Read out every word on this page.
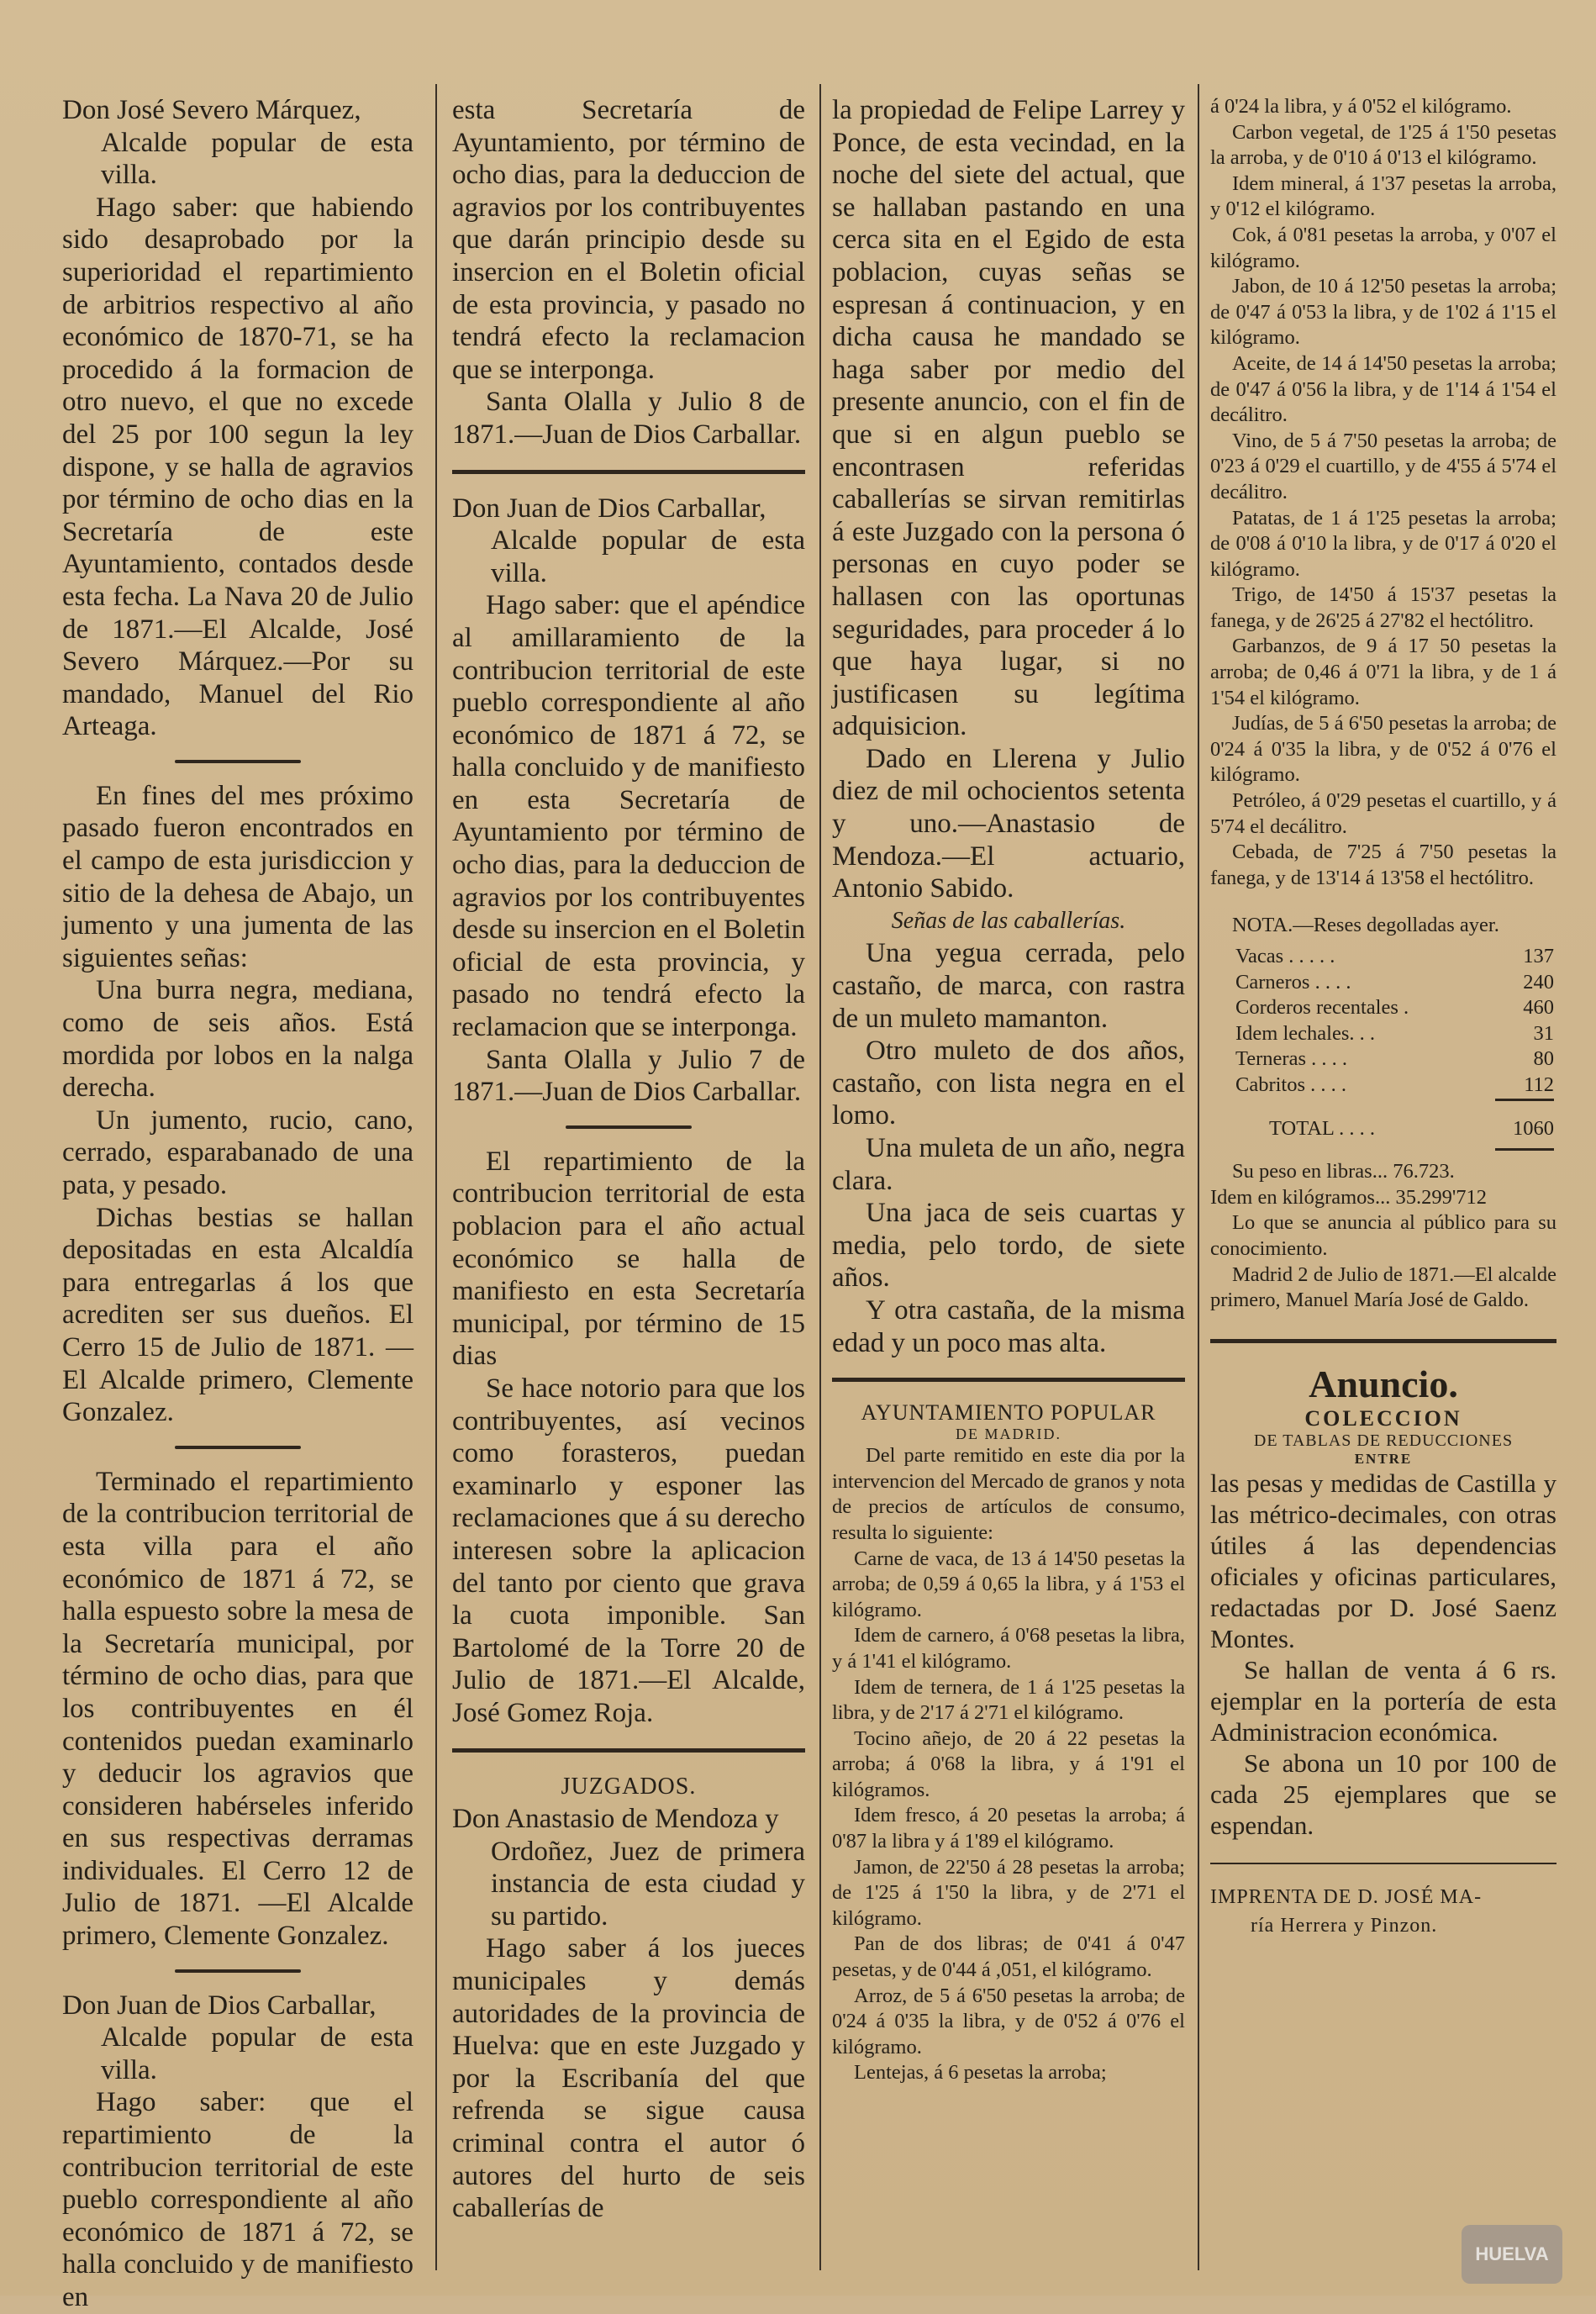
Don José Severo Márquez,

Alcalde popular de esta villa.

Hago saber: que habiendo sido desaprobado por la superioridad el repartimiento de arbitrios respectivo al año económico de 1870-71, se ha procedido á la formacion de otro nuevo, el que no excede del 25 por 100 segun la ley dispone, y se halla de agravios por término de ocho dias en la Secretaría de este Ayuntamiento, contados desde esta fecha. La Nava 20 de Julio de 1871.—El Alcalde, José Severo Márquez.—Por su mandado, Manuel del Rio Arteaga.

En fines del mes próximo pasado fueron encontrados en el campo de esta jurisdiccion y sitio de la dehesa de Abajo, un jumento y una jumenta de las siguientes señas:

Una burra negra, mediana, como de seis años. Está mordida por lobos en la nalga derecha.

Un jumento, rucio, cano, cerrado, esparabanado de una pata, y pesado.

Dichas bestias se hallan depositadas en esta Alcaldía para entregarlas á los que acrediten ser sus dueños. El Cerro 15 de Julio de 1871. —El Alcalde primero, Clemente Gonzalez.

Terminado el repartimiento de la contribucion territorial de esta villa para el año económico de 1871 á 72, se halla espuesto sobre la mesa de la Secretaría municipal, por término de ocho dias, para que los contribuyentes en él contenidos puedan examinarlo y deducir los agravios que consideren habérseles inferido en sus respectivas derramas individuales. El Cerro 12 de Julio de 1871. —El Alcalde primero, Clemente Gonzalez.

Don Juan de Dios Carballar,

Alcalde popular de esta villa.

Hago saber: que el repartimiento de la contribucion territorial de este pueblo correspondiente al año económico de 1871 á 72, se halla concluido y de manifiesto en

esta Secretaría de Ayuntamiento, por término de ocho dias, para la deduccion de agravios por los contribuyentes que darán principio desde su insercion en el Boletin oficial de esta provincia, y pasado no tendrá efecto la reclamacion que se interponga.

Santa Olalla y Julio 8 de 1871.—Juan de Dios Carballar.

Don Juan de Dios Carballar,

Alcalde popular de esta villa.

Hago saber: que el apéndice al amillaramiento de la contribucion territorial de este pueblo correspondiente al año económico de 1871 á 72, se halla concluido y de manifiesto en esta Secretaría de Ayuntamiento por término de ocho dias, para la deduccion de agravios por los contribuyentes desde su insercion en el Boletin oficial de esta provincia, y pasado no tendrá efecto la reclamacion que se interponga.

Santa Olalla y Julio 7 de 1871.—Juan de Dios Carballar.

El repartimiento de la contribucion territorial de esta poblacion para el año actual económico se halla de manifiesto en esta Secretaría municipal, por término de 15 dias

Se hace notorio para que los contribuyentes, así vecinos como forasteros, puedan examinarlo y esponer las reclamaciones que á su derecho interesen sobre la aplicacion del tanto por ciento que grava la cuota imponible. San Bartolomé de la Torre 20 de Julio de 1871.—El Alcalde, José Gomez Roja.

JUZGADOS.

Don Anastasio de Mendoza y

Ordoñez, Juez de primera instancia de esta ciudad y su partido.

Hago saber á los jueces municipales y demás autoridades de la provincia de Huelva: que en este Juzgado y por la Escribanía del que refrenda se sigue causa criminal contra el autor ó autores del hurto de seis caballerías de

la propiedad de Felipe Larrey y Ponce, de esta vecindad, en la noche del siete del actual, que se hallaban pastando en una cerca sita en el Egido de esta poblacion, cuyas señas se espresan á continuacion, y en dicha causa he mandado se haga saber por medio del presente anuncio, con el fin de que si en algun pueblo se encontrasen referidas caballerías se sirvan remitirlas á este Juzgado con la persona ó personas en cuyo poder se hallasen con las oportunas seguridades, para proceder á lo que haya lugar, si no justificasen su legítima adquisicion.

Dado en Llerena y Julio diez de mil ochocientos setenta y uno.—Anastasio de Mendoza.—El actuario, Antonio Sabido.

Señas de las caballerías.

Una yegua cerrada, pelo castaño, de marca, con rastra de un muleto mamanton.

Otro muleto de dos años, castaño, con lista negra en el lomo.

Una muleta de un año, negra clara.

Una jaca de seis cuartas y media, pelo tordo, de siete años.

Y otra castaña, de la misma edad y un poco mas alta.

AYUNTAMIENTO POPULAR

DE MADRID.

Del parte remitido en este dia por la intervencion del Mercado de granos y nota de precios de artículos de consumo, resulta lo siguiente:

Carne de vaca, de 13 á 14'50 pesetas la arroba; de 0,59 á 0,65 la libra, y á 1'53 el kilógramo.

Idem de carnero, á 0'68 pesetas la libra, y á 1'41 el kilógramo.

Idem de ternera, de 1 á 1'25 pesetas la libra, y de 2'17 á 2'71 el kilógramo.

Tocino añejo, de 20 á 22 pesetas la arroba; á 0'68 la libra, y á 1'91 el kilógramos.

Idem fresco, á 20 pesetas la arroba; á 0'87 la libra y á 1'89 el kilógramo.

Jamon, de 22'50 á 28 pesetas la arroba; de 1'25 á 1'50 la libra, y de 2'71 el kilógramo.

Pan de dos libras; de 0'41 á 0'47 pesetas, y de 0'44 á ,051, el kilógramo.

Arroz, de 5 á 6'50 pesetas la arroba; de 0'24 á 0'35 la libra, y de 0'52 á 0'76 el kilógramo.

Lentejas, á 6 pesetas la arroba;

á 0'24 la libra, y á 0'52 el kilógramo.

Carbon vegetal, de 1'25 á 1'50 pesetas la arroba, y de 0'10 á 0'13 el kilógramo.

Idem mineral, á 1'37 pesetas la arroba, y 0'12 el kilógramo.

Cok, á 0'81 pesetas la arroba, y 0'07 el kilógramo.

Jabon, de 10 á 12'50 pesetas la arroba; de 0'47 á 0'53 la libra, y de 1'02 á 1'15 el kilógramo.

Aceite, de 14 á 14'50 pesetas la arroba; de 0'47 á 0'56 la libra, y de 1'14 á 1'54 el decálitro.

Vino, de 5 á 7'50 pesetas la arroba; de 0'23 á 0'29 el cuartillo, y de 4'55 á 5'74 el decálitro.

Patatas, de 1 á 1'25 pesetas la arroba; de 0'08 á 0'10 la libra, y de 0'17 á 0'20 el kilógramo.

Trigo, de 14'50 á 15'37 pesetas la fanega, y de 26'25 á 27'82 el hectólitro.

Garbanzos, de 9 á 17 50 pesetas la arroba; de 0,46 á 0'71 la libra, y de 1 á 1'54 el kilógramo.

Judías, de 5 á 6'50 pesetas la arroba; de 0'24 á 0'35 la libra, y de 0'52 á 0'76 el kilógramo.

Petróleo, á 0'29 pesetas el cuartillo, y á 5'74 el decálitro.

Cebada, de 7'25 á 7'50 pesetas la fanega, y de 13'14 á 13'58 el hectólitro.

NOTA.—Reses degolladas ayer.

Vacas . . . . .	137
Carneros . . . .	240
Corderos recentales .	460
Idem lechales. . .	31
Terneras . . . .	80
Cabritos . . . .	112

TOTAL . . . .	1060

Su peso en libras... 76.723.

Idem en kilógramos... 35.299'712

Lo que se anuncia al público para su conocimiento.

Madrid 2 de Julio de 1871.—El alcalde primero, Manuel María José de Galdo.

Anuncio.

COLECCION

DE TABLAS DE REDUCCIONES

ENTRE

las pesas y medidas de Castilla y las métrico-decimales, con otras útiles á las dependencias oficiales y oficinas particulares, redactadas por D. José Saenz Montes.

Se hallan de venta á 6 rs. ejemplar en la portería de esta Administracion económica.

Se abona un 10 por 100 de cada 25 ejemplares que se espendan.

IMPRENTA DE D. JOSÉ MA-

ría Herrera y Pinzon.

HUELVA
